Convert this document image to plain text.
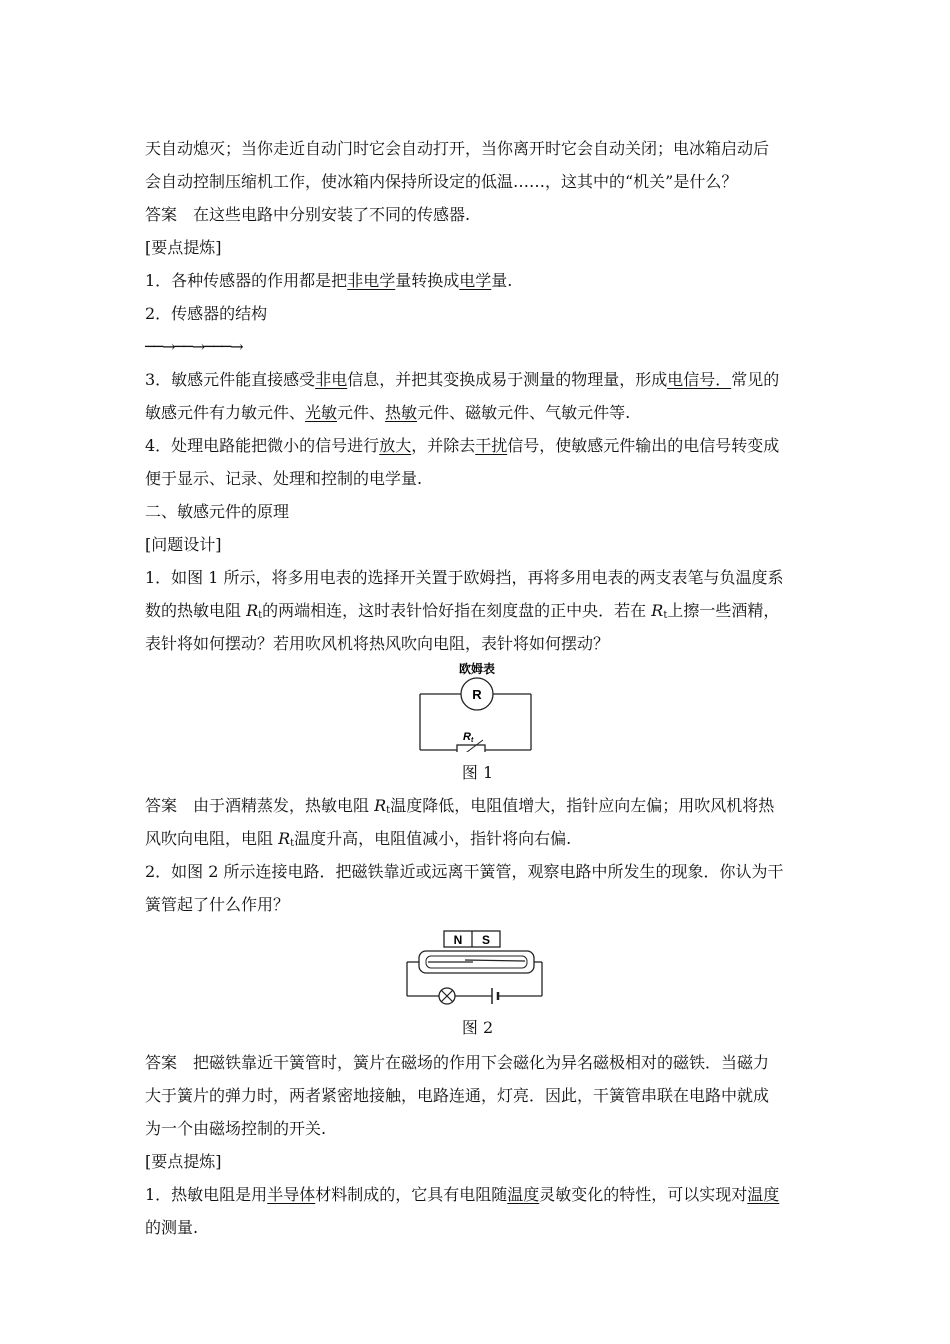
天自动熄灭；当你走近自动门时它会自动打开，当你离开时它会自动关闭；电冰箱启动后
会自动控制压缩机工作，使冰箱内保持所设定的低温……，这其中的“机关”是什么？
答案 在这些电路中分别安装了不同的传感器.
[要点提炼]
1．各种传感器的作用都是把非电学量转换成电学量.
2．传感器的结构
──→──→───→
3．敏感元件能直接感受非电信息，并把其变换成易于测量的物理量，形成电信号．常见的
敏感元件有力敏元件、光敏元件、热敏元件、磁敏元件、气敏元件等.
4．处理电路能把微小的信号进行放大，并除去干扰信号，使敏感元件输出的电信号转变成
便于显示、记录、处理和控制的电学量.
二、敏感元件的原理
[问题设计]
1．如图 1 所示，将多用电表的选择开关置于欧姆挡，再将多用电表的两支表笔与负温度系
数的热敏电阻 $R_t$的两端相连，这时表针恰好指在刻度盘的正中央．若在 $R_t$上擦一些酒精，
表针将如何摆动？若用吹风机将热风吹向电阻，表针将如何摆动？
欧姆表
R
Rt
图 1
答案 由于酒精蒸发，热敏电阻 $R_t$温度降低，电阻值增大，指针应向左偏；用吹风机将热
风吹向电阻，电阻 $R_t$温度升高，电阻值减小，指针将向右偏.
2．如图 2 所示连接电路．把磁铁靠近或远离干簧管，观察电路中所发生的现象．你认为干
簧管起了什么作用？
N S
图 2
答案 把磁铁靠近干簧管时，簧片在磁场的作用下会磁化为异名磁极相对的磁铁．当磁力
大于簧片的弹力时，两者紧密地接触，电路连通，灯亮．因此，干簧管串联在电路中就成
为一个由磁场控制的开关.
[要点提炼]
1．热敏电阻是用半导体材料制成的，它具有电阻随温度灵敏变化的特性，可以实现对温度
的测量.
